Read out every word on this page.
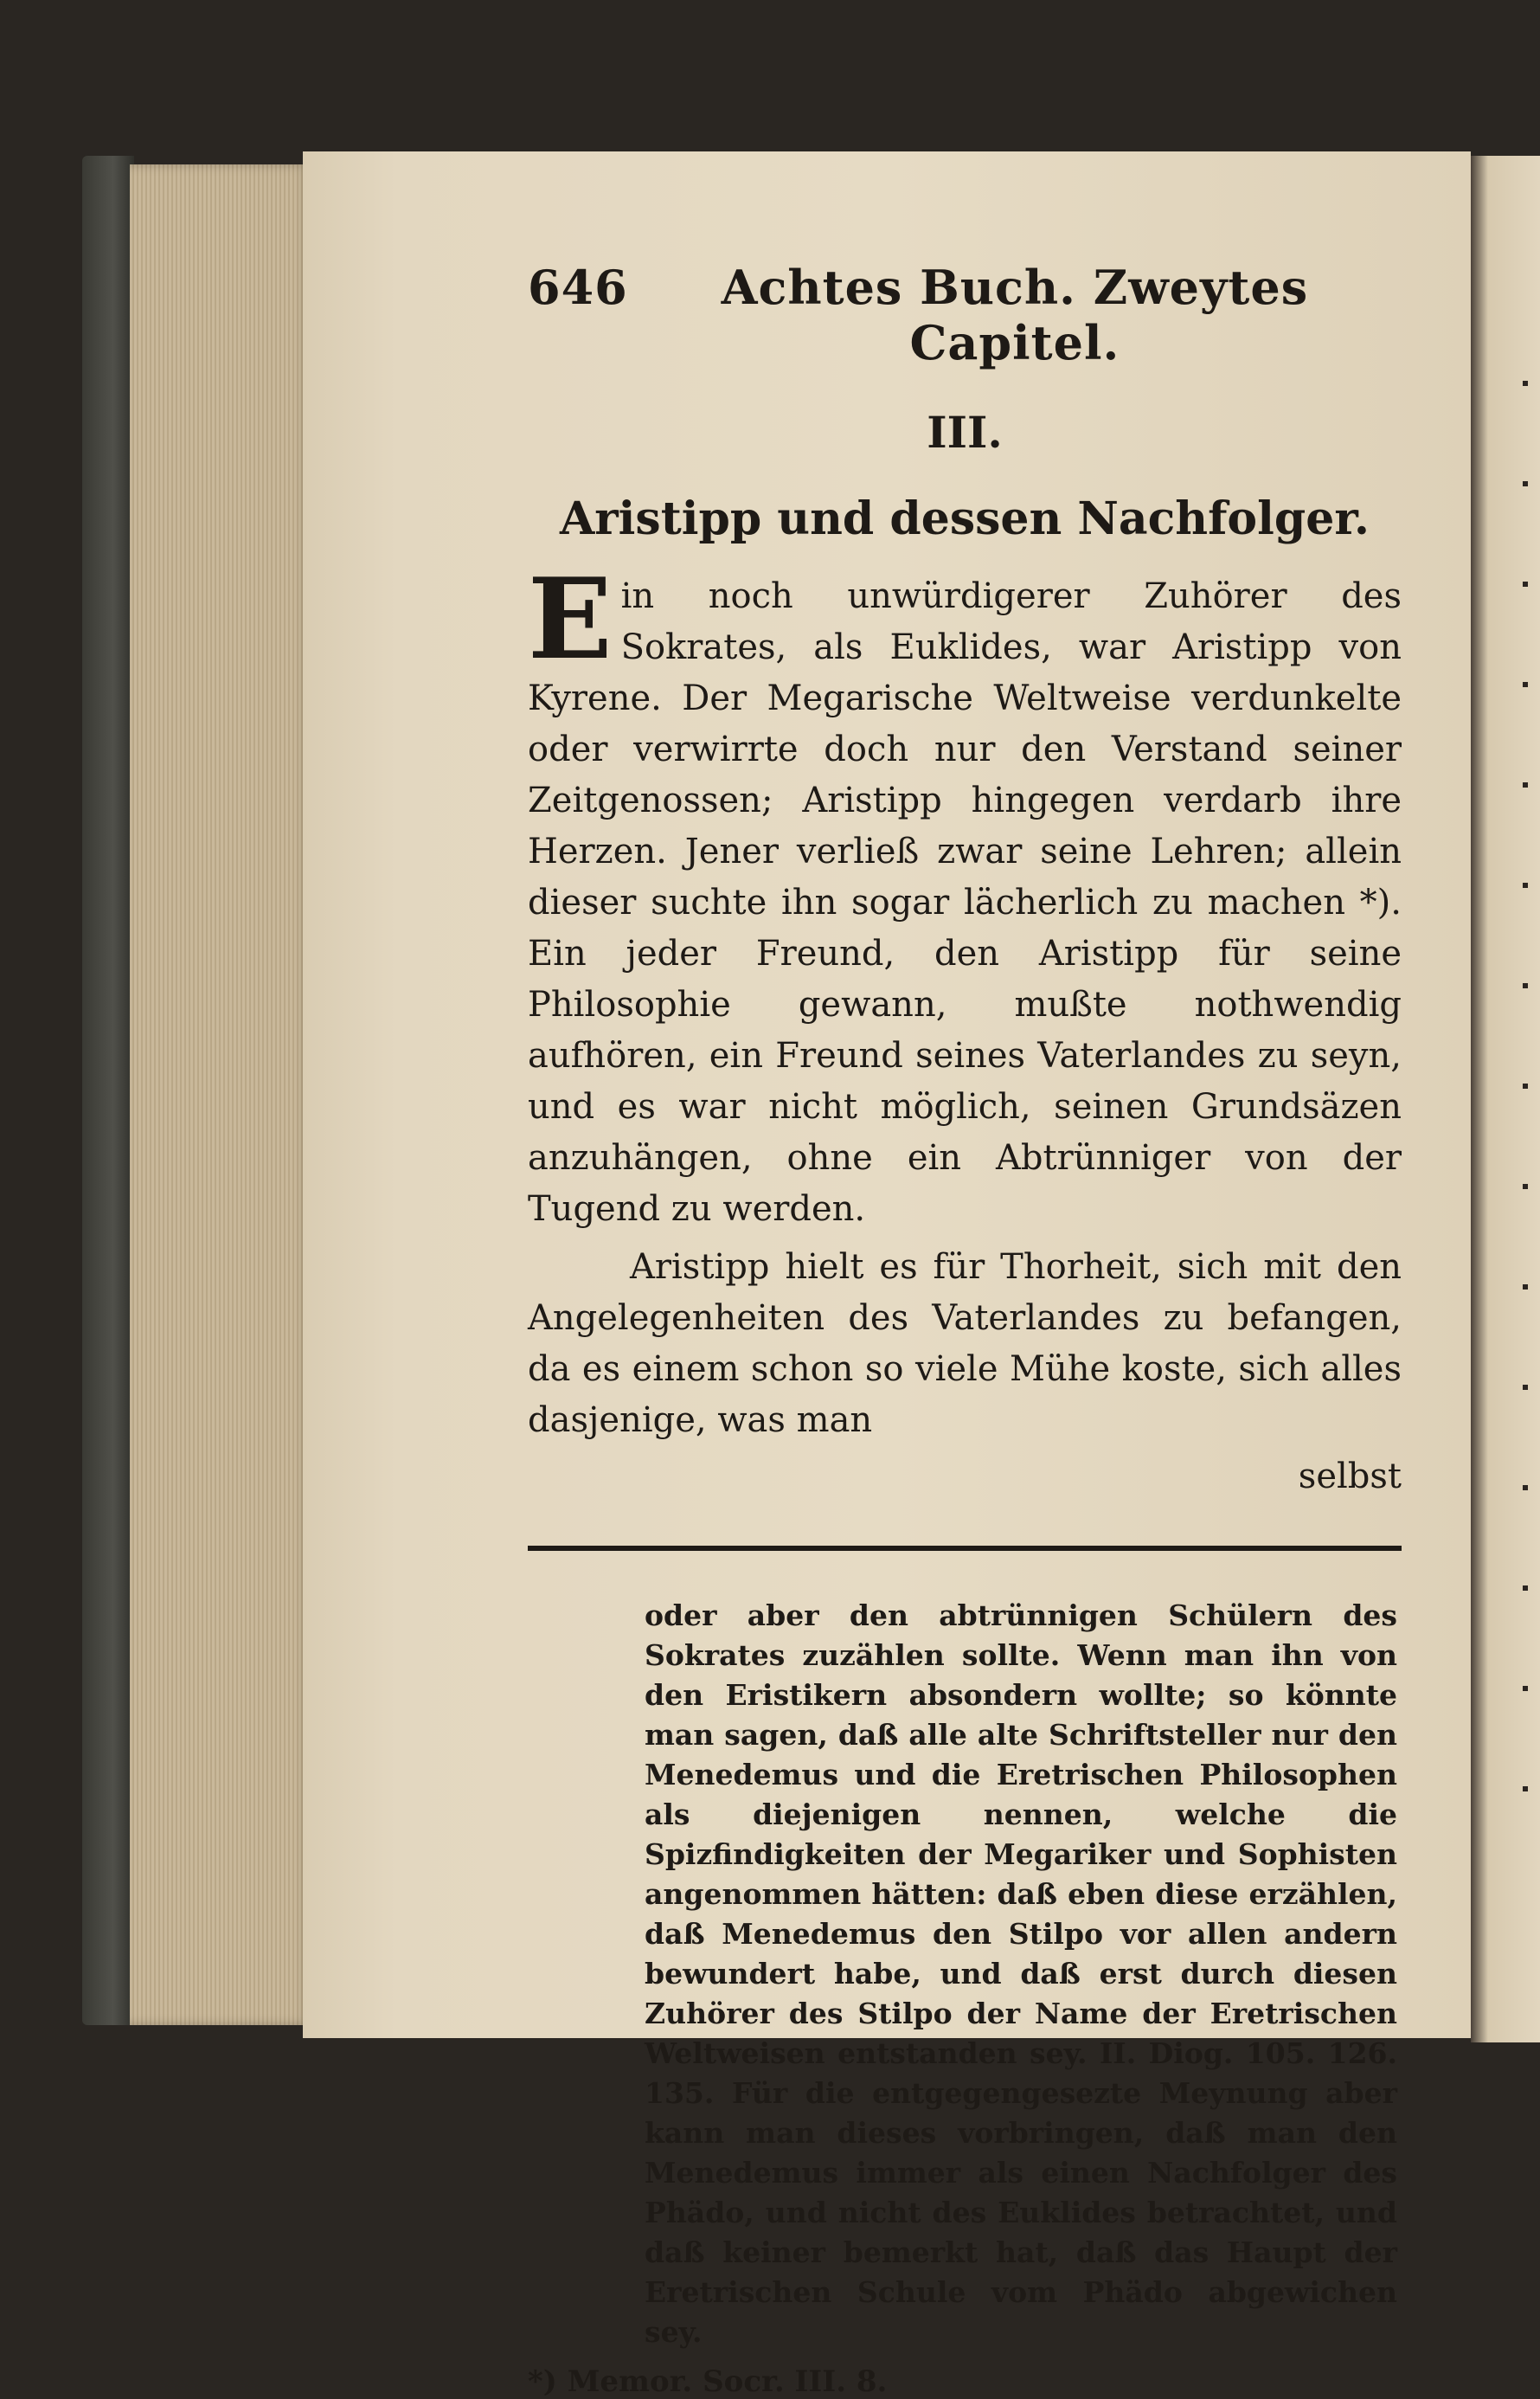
646	Achtes Buch. Zweytes Capitel.
III.
Aristipp und dessen Nachfolger.

Ein noch unwürdigerer Zuhörer des Sokrates, als Euklides, war Aristipp von Kyrene. Der Megarische Weltweise verdunkelte oder verwirrte doch nur den Verstand seiner Zeitgenossen; Aristipp hingegen verdarb ihre Herzen. Jener verließ zwar seine Lehren; allein dieser suchte ihn sogar lächerlich zu machen *). Ein jeder Freund, den Aristipp für seine Philosophie gewann, mußte nothwendig aufhören, ein Freund seines Vaterlandes zu seyn, und es war nicht möglich, seinen Grundsäzen anzuhängen, ohne ein Abtrünniger von der Tugend zu werden.

Aristipp hielt es für Thorheit, sich mit den Angelegenheiten des Vaterlandes zu befangen, da es einem schon so viele Mühe koste, sich alles dasjenige, was man

selbst
oder aber den abtrünnigen Schülern des Sokrates zuzählen sollte. Wenn man ihn von den Eristikern absondern wollte; so könnte man sagen, daß alle alte Schriftsteller nur den Menedemus und die Eretrischen Philosophen als diejenigen nennen, welche die Spizfindigkeiten der Megariker und Sophisten angenommen hätten: daß eben diese erzählen, daß Menedemus den Stilpo vor allen andern bewundert habe, und daß erst durch diesen Zuhörer des Stilpo der Name der Eretrischen Weltweisen entstanden sey. II. Diog. 105. 126. 135. Für die entgegengesezte Meynung aber kann man dieses vorbringen, daß man den Menedemus immer als einen Nachfolger des Phädo, und nicht des Euklides betrachtet, und daß keiner bemerkt hat, daß das Haupt der Eretrischen Schule vom Phädo abgewichen sey.
*) Memor. Socr. III. 8.
